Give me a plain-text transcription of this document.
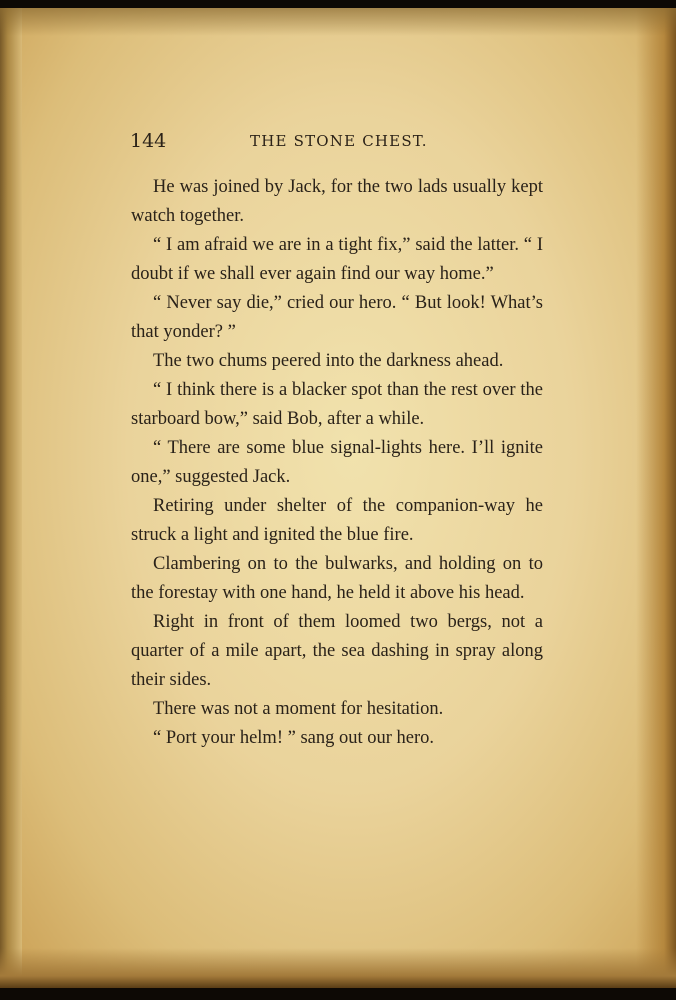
144	THE STONE CHEST.

He was joined by Jack, for the two lads usually kept watch together.

“ I am afraid we are in a tight fix,” said the latter. “ I doubt if we shall ever again find our way home.”

“ Never say die,” cried our hero. “ But look! What’s that yonder? ”

The two chums peered into the darkness ahead.

“ I think there is a blacker spot than the rest over the starboard bow,” said Bob, after a while.

“ There are some blue signal-lights here. I’ll ignite one,” suggested Jack.

Retiring under shelter of the companion-way he struck a light and ignited the blue fire.

Clambering on to the bulwarks, and holding on to the forestay with one hand, he held it above his head.

Right in front of them loomed two bergs, not a quarter of a mile apart, the sea dashing in spray along their sides.

There was not a moment for hesitation.

“ Port your helm! ” sang out our hero.
